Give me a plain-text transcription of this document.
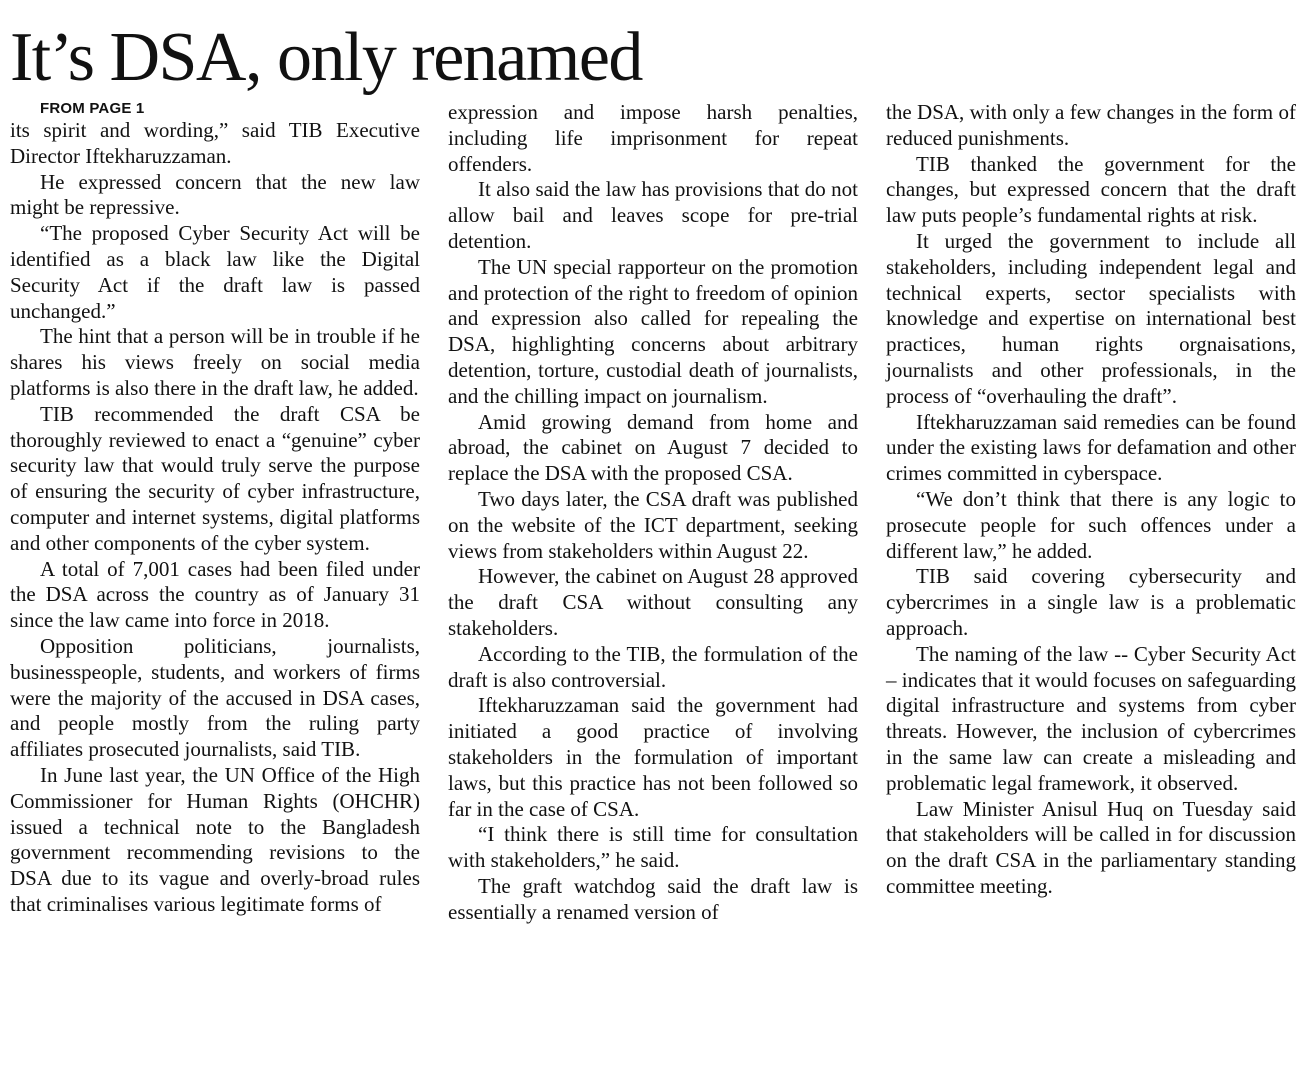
It’s DSA, only renamed

FROM PAGE 1

its spirit and wording,” said TIB Executive Director Iftekharuzzaman.

He expressed concern that the new law might be repressive.

“The proposed Cyber Security Act will be identified as a black law like the Digital Security Act if the draft law is passed unchanged.”

The hint that a person will be in trouble if he shares his views freely on social media platforms is also there in the draft law, he added.

TIB recommended the draft CSA be thoroughly reviewed to enact a “genuine” cyber security law that would truly serve the purpose of ensuring the security of cyber infrastructure, computer and internet systems, digital platforms and other components of the cyber system.

A total of 7,001 cases had been filed under the DSA across the country as of January 31 since the law came into force in 2018.

Opposition politicians, journalists, businesspeople, students, and workers of firms were the majority of the accused in DSA cases, and people mostly from the ruling party affiliates prosecuted journalists, said TIB.

In June last year, the UN Office of the High Commissioner for Human Rights (OHCHR) issued a technical note to the Bangladesh government recommending revisions to the DSA due to its vague and overly-broad rules that criminalises various legitimate forms of

expression and impose harsh penalties, including life imprisonment for repeat offenders.

It also said the law has provisions that do not allow bail and leaves scope for pre-trial detention.

The UN special rapporteur on the promotion and protection of the right to freedom of opinion and expression also called for repealing the DSA, highlighting concerns about arbitrary detention, torture, custodial death of journalists, and the chilling impact on journalism.

Amid growing demand from home and abroad, the cabinet on August 7 decided to replace the DSA with the proposed CSA.

Two days later, the CSA draft was published on the website of the ICT department, seeking views from stakeholders within August 22.

However, the cabinet on August 28 approved the draft CSA without consulting any stakeholders.

According to the TIB, the formulation of the draft is also controversial.

Iftekharuzzaman said the government had initiated a good practice of involving stakeholders in the formulation of important laws, but this practice has not been followed so far in the case of CSA.

“I think there is still time for consultation with stakeholders,” he said.

The graft watchdog said the draft law is essentially a renamed version of

the DSA, with only a few changes in the form of reduced punishments.

TIB thanked the government for the changes, but expressed concern that the draft law puts people’s fundamental rights at risk.

It urged the government to include all stakeholders, including independent legal and technical experts, sector specialists with knowledge and expertise on international best practices, human rights orgnaisations, journalists and other professionals, in the process of “overhauling the draft”.

Iftekharuzzaman said remedies can be found under the existing laws for defamation and other crimes committed in cyberspace.

“We don’t think that there is any logic to prosecute people for such offences under a different law,” he added.

TIB said covering cybersecurity and cybercrimes in a single law is a problematic approach.

The naming of the law -- Cyber Security Act – indicates that it would focuses on safeguarding digital infrastructure and systems from cyber threats. However, the inclusion of cybercrimes in the same law can create a misleading and problematic legal framework, it observed.

Law Minister Anisul Huq on Tuesday said that stakeholders will be called in for discussion on the draft CSA in the parliamentary standing committee meeting.
